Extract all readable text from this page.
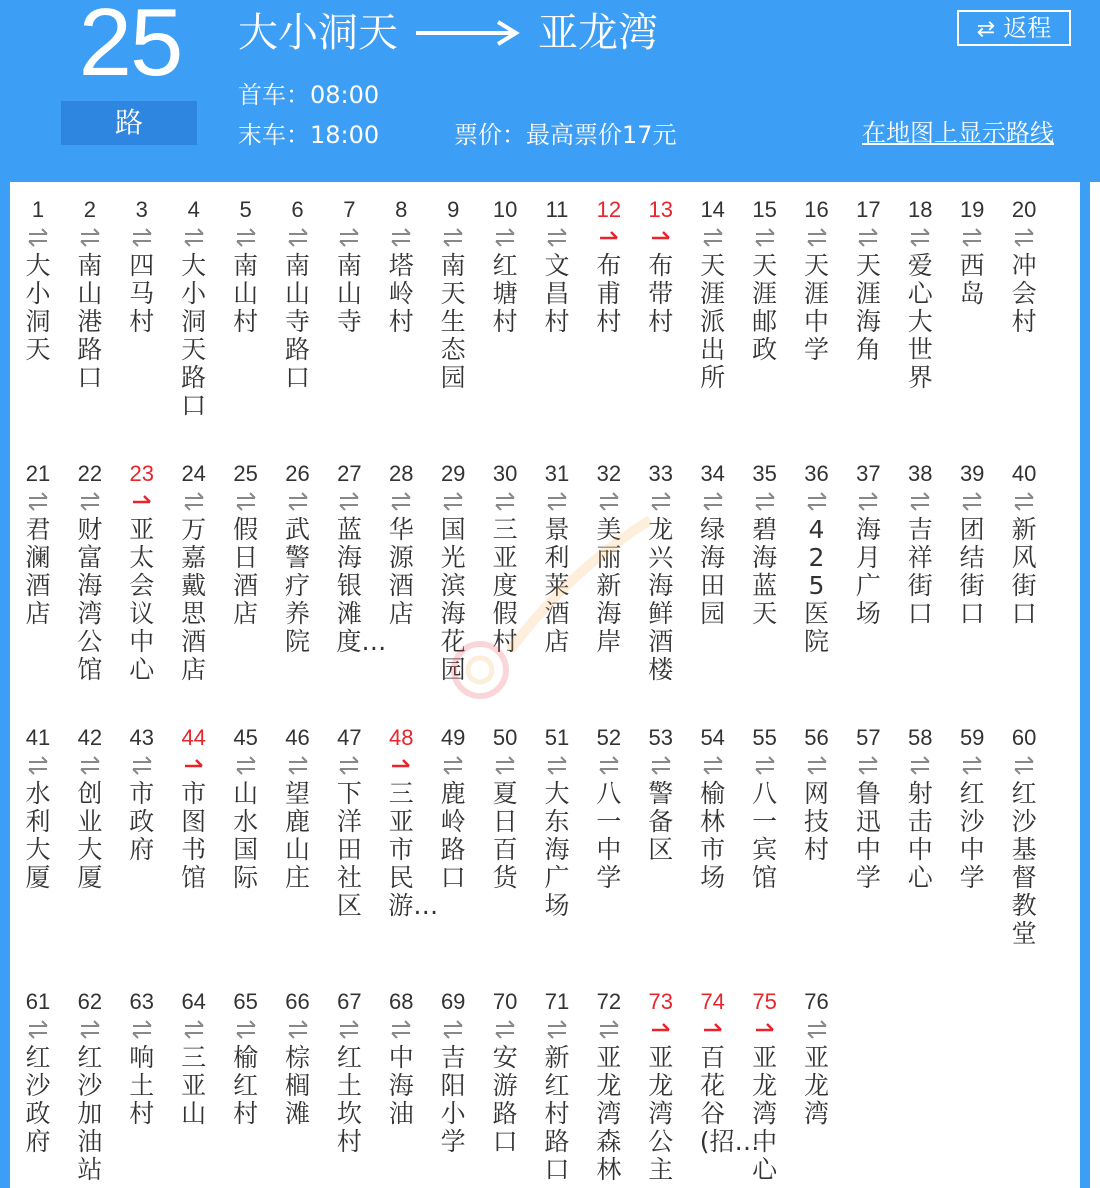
25
路
大小洞天	亚龙湾	⇄ 返程
首车：08:00
末车：18:00	票价：最高票价17元	在地图上显示路线
1
大小洞天
2
南山港路口
3
四马村
4
大小洞天路口
5
南山村
6
南山寺路口
7
南山寺
8
塔岭村
9
南天生态园
10
红塘村
11
文昌村
12
布甫村
13
布带村
14
天涯派出所
15
天涯邮政
16
天涯中学
17
天涯海角
18
爱心大世界
19
西岛
20
冲会村
21
君澜酒店
22
财富海湾公馆
23
亚太会议中心
24
万嘉戴思酒店
25
假日酒店
26
武警疗养院
27
蓝海银滩度…
28
华源酒店
29
国光滨海花园
30
三亚度假村
31
景利莱酒店
32
美丽新海岸
33
龙兴海鲜酒楼
34
绿海田园
35
碧海蓝天
36
425医院
37
海月广场
38
吉祥街口
39
团结街口
40
新风街口
41
水利大厦
42
创业大厦
43
市政府
44
市图书馆
45
山水国际
46
望鹿山庄
47
下洋田社区
48
三亚市民游…
49
鹿岭路口
50
夏日百货
51
大东海广场
52
八一中学
53
警备区
54
榆林市场
55
八一宾馆
56
网技村
57
鲁迅中学
58
射击中心
59
红沙中学
60
红沙基督教堂
61
红沙政府
62
红沙加油站
63
响土村
64
三亚山
65
榆红村
66
棕榈滩
67
红土坎村
68
中海油
69
吉阳小学
70
安游路口
71
新红村路口
72
亚龙湾森林
73
亚龙湾公主
74
百花谷(招…
75
亚龙湾中心
76
亚龙湾
